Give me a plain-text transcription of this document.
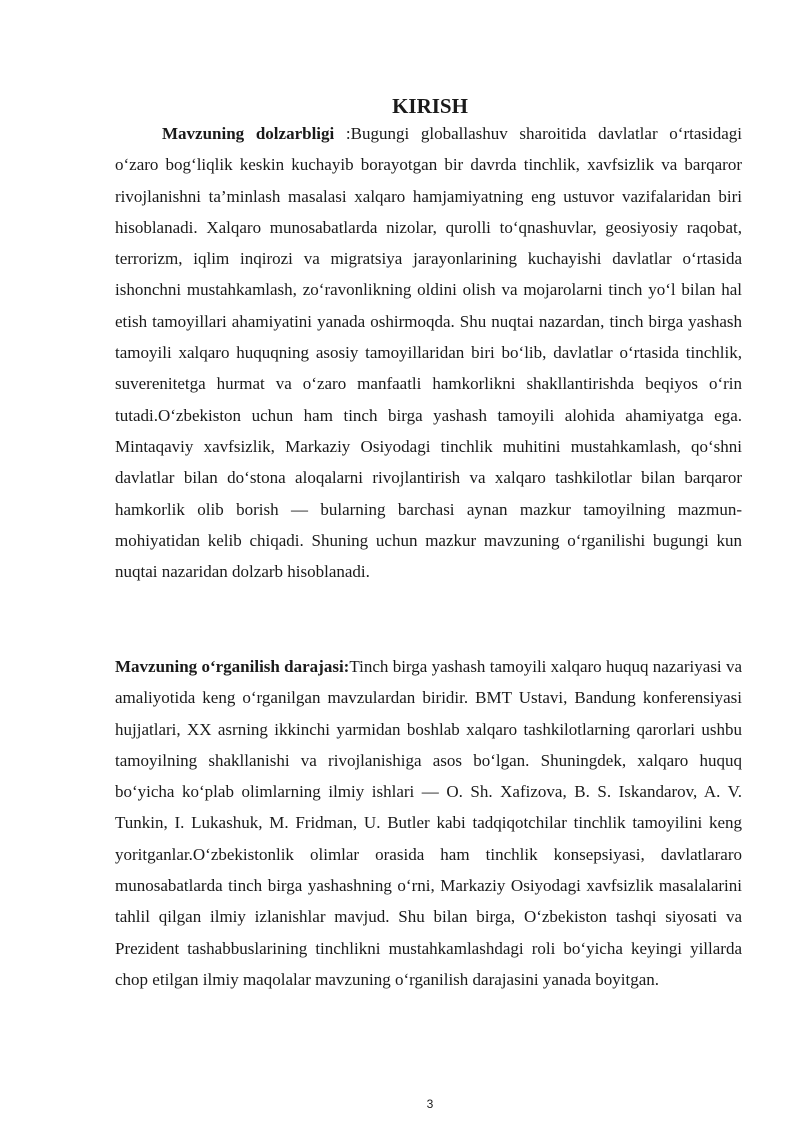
KIRISH

Mavzuning dolzarbligi :Bugungi globallashuv sharoitida davlatlar o‘rtasidagi o‘zaro bog‘liqlik keskin kuchayib borayotgan bir davrda tinchlik, xavfsizlik va barqaror rivojlanishni ta’minlash masalasi xalqaro hamjamiyatning eng ustuvor vazifalaridan biri hisoblanadi. Xalqaro munosabatlarda nizolar, qurolli to‘qnashuvlar, geosiyosiy raqobat, terrorizm, iqlim inqirozi va migratsiya jarayonlarining kuchayishi davlatlar o‘rtasida ishonchni mustahkamlash, zo‘ravonlikning oldini olish va mojarolarni tinch yo‘l bilan hal etish tamoyillari ahamiyatini yanada oshirmoqda. Shu nuqtai nazardan, tinch birga yashash tamoyili xalqaro huquqning asosiy tamoyillaridan biri bo‘lib, davlatlar o‘rtasida tinchlik, suverenitetga hurmat va o‘zaro manfaatli hamkorlikni shakllantirishda beqiyos o‘rin tutadi.O‘zbekiston uchun ham tinch birga yashash tamoyili alohida ahamiyatga ega. Mintaqaviy xavfsizlik, Markaziy Osiyodagi tinchlik muhitini mustahkamlash, qo‘shni davlatlar bilan do‘stona aloqalarni rivojlantirish va xalqaro tashkilotlar bilan barqaror hamkorlik olib borish — bularning barchasi aynan mazkur tamoyilning mazmun-mohiyatidan kelib chiqadi. Shuning uchun mazkur mavzuning o‘rganilishi bugungi kun nuqtai nazaridan dolzarb hisoblanadi.

Mavzuning o‘rganilish darajasi:Tinch birga yashash tamoyili xalqaro huquq nazariyasi va amaliyotida keng o‘rganilgan mavzulardan biridir. BMT Ustavi, Bandung konferensiyasi hujjatlari, XX asrning ikkinchi yarmidan boshlab xalqaro tashkilotlarning qarorlari ushbu tamoyilning shakllanishi va rivojlanishiga asos bo‘lgan. Shuningdek, xalqaro huquq bo‘yicha ko‘plab olimlarning ilmiy ishlari — O. Sh. Xafizova, B. S. Iskandarov, A. V. Tunkin, I. Lukashuk, M. Fridman, U. Butler kabi tadqiqotchilar tinchlik tamoyilini keng yoritganlar.O‘zbekistonlik olimlar orasida ham tinchlik konsepsiyasi, davlatlararo munosabatlarda tinch birga yashashning o‘rni, Markaziy Osiyodagi xavfsizlik masalalarini tahlil qilgan ilmiy izlanishlar mavjud. Shu bilan birga, O‘zbekiston tashqi siyosati va Prezident tashabbuslarining tinchlikni mustahkamlashdagi roli bo‘yicha keyingi yillarda chop etilgan ilmiy maqolalar mavzuning o‘rganilish darajasini yanada boyitgan.

3
